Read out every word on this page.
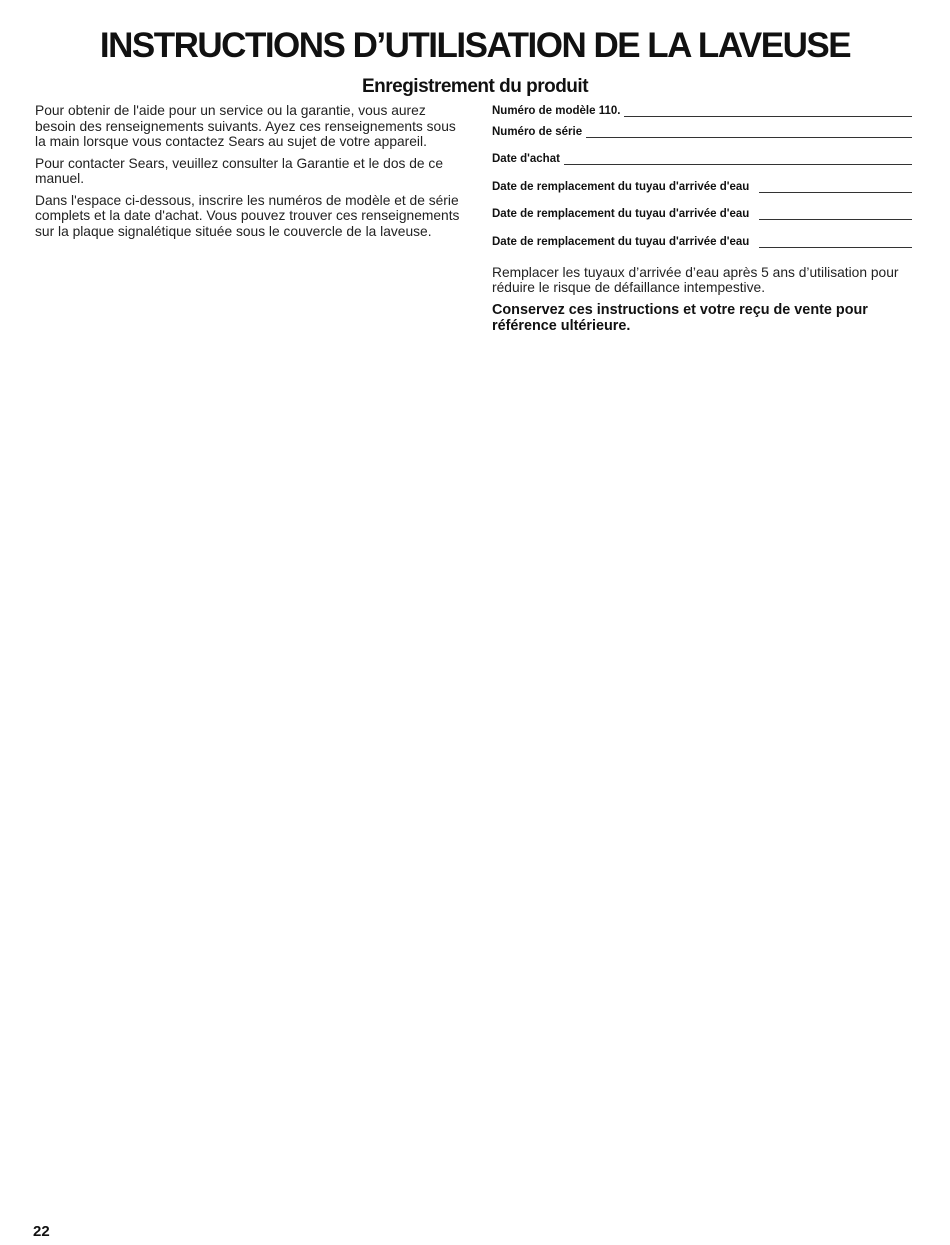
INSTRUCTIONS D’UTILISATION DE LA LAVEUSE
Enregistrement du produit

Pour obtenir de l'aide pour un service ou la garantie, vous aurez besoin des renseignements suivants. Ayez ces renseignements sous la main lorsque vous contactez Sears au sujet de votre appareil.

Pour contacter Sears, veuillez consulter la Garantie et le dos de ce manuel.

Dans l'espace ci-dessous, inscrire les numéros de modèle et de série complets et la date d'achat. Vous pouvez trouver ces renseignements sur la plaque signalétique située sous le couvercle de la laveuse.

Numéro de modèle 110.
Numéro de série
Date d'achat
Date de remplacement du tuyau d'arrivée d'eau
Date de remplacement du tuyau d'arrivée d'eau
Date de remplacement du tuyau d'arrivée d'eau

Remplacer les tuyaux d’arrivée d’eau après 5 ans d’utilisation pour réduire le risque de défaillance intempestive.

Conservez ces instructions et votre reçu de vente pour référence ultérieure.

22
